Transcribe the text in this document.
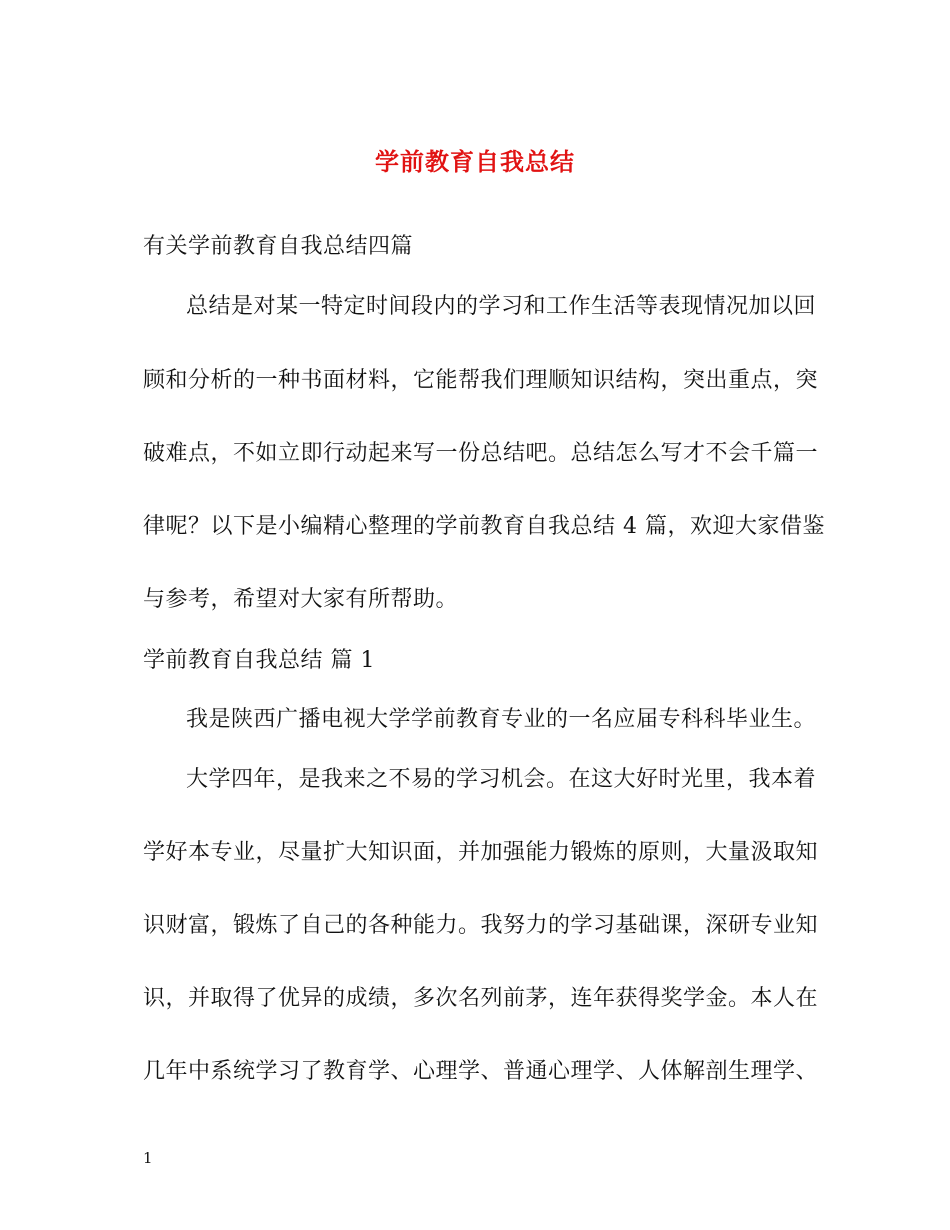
学前教育自我总结
有关学前教育自我总结四篇
总结是对某一特定时间段内的学习和工作生活等表现情况加以回
顾和分析的一种书面材料，它能帮我们理顺知识结构，突出重点，突
破难点，不如立即行动起来写一份总结吧。总结怎么写才不会千篇一
律呢？以下是小编精心整理的学前教育自我总结 4 篇，欢迎大家借鉴
与参考，希望对大家有所帮助。
学前教育自我总结 篇 1
我是陕西广播电视大学学前教育专业的一名应届专科科毕业生。
大学四年，是我来之不易的学习机会。在这大好时光里，我本着
学好本专业，尽量扩大知识面，并加强能力锻炼的原则，大量汲取知
识财富，锻炼了自己的各种能力。我努力的学习基础课，深研专业知
识，并取得了优异的成绩，多次名列前茅，连年获得奖学金。本人在
几年中系统学习了教育学、心理学、普通心理学、人体解剖生理学、
1
